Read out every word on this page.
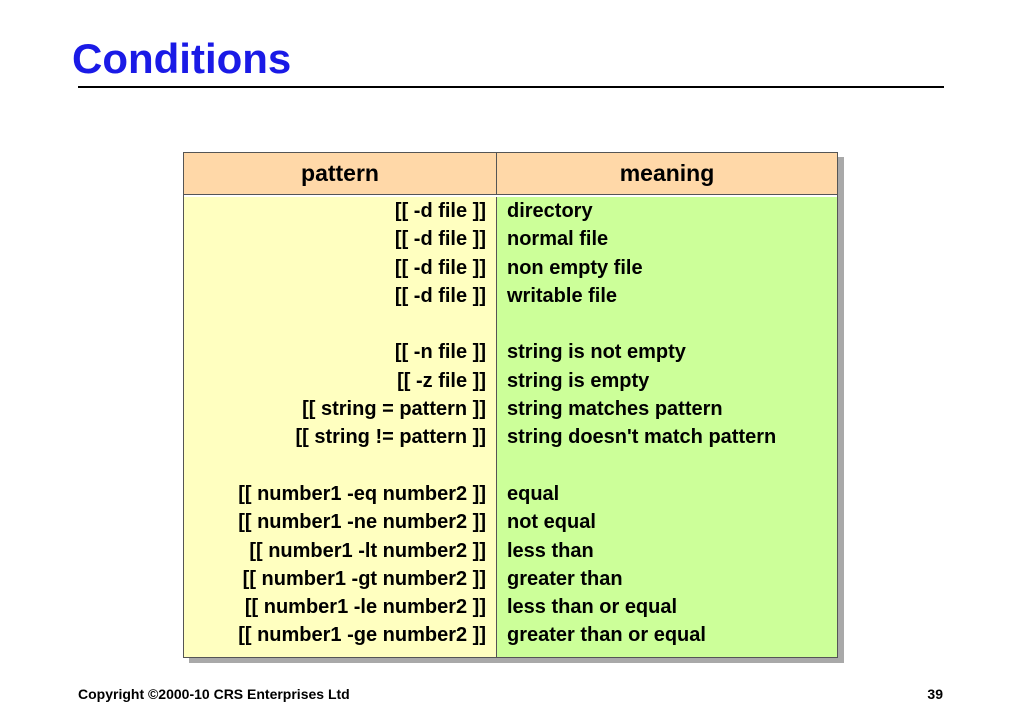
Conditions
pattern	meaning
[[ -d file ]]
[[ -d file ]]
[[ -d file ]]
[[ -d file ]]
[[ -n file ]]
[[ -z file ]]
[[ string = pattern ]]
[[ string != pattern ]]
[[ number1 -eq number2 ]]
[[ number1 -ne number2 ]]
[[ number1 -lt number2 ]]
[[ number1 -gt number2 ]]
[[ number1 -le number2 ]]
[[ number1 -ge number2 ]]
directory
normal file
non empty file
writable file
string is not empty
string is empty
string matches pattern
string doesn't match pattern
equal
not equal
less than
greater than
less than or equal
greater than or equal
Copyright ©2000-10 CRS Enterprises Ltd	39
